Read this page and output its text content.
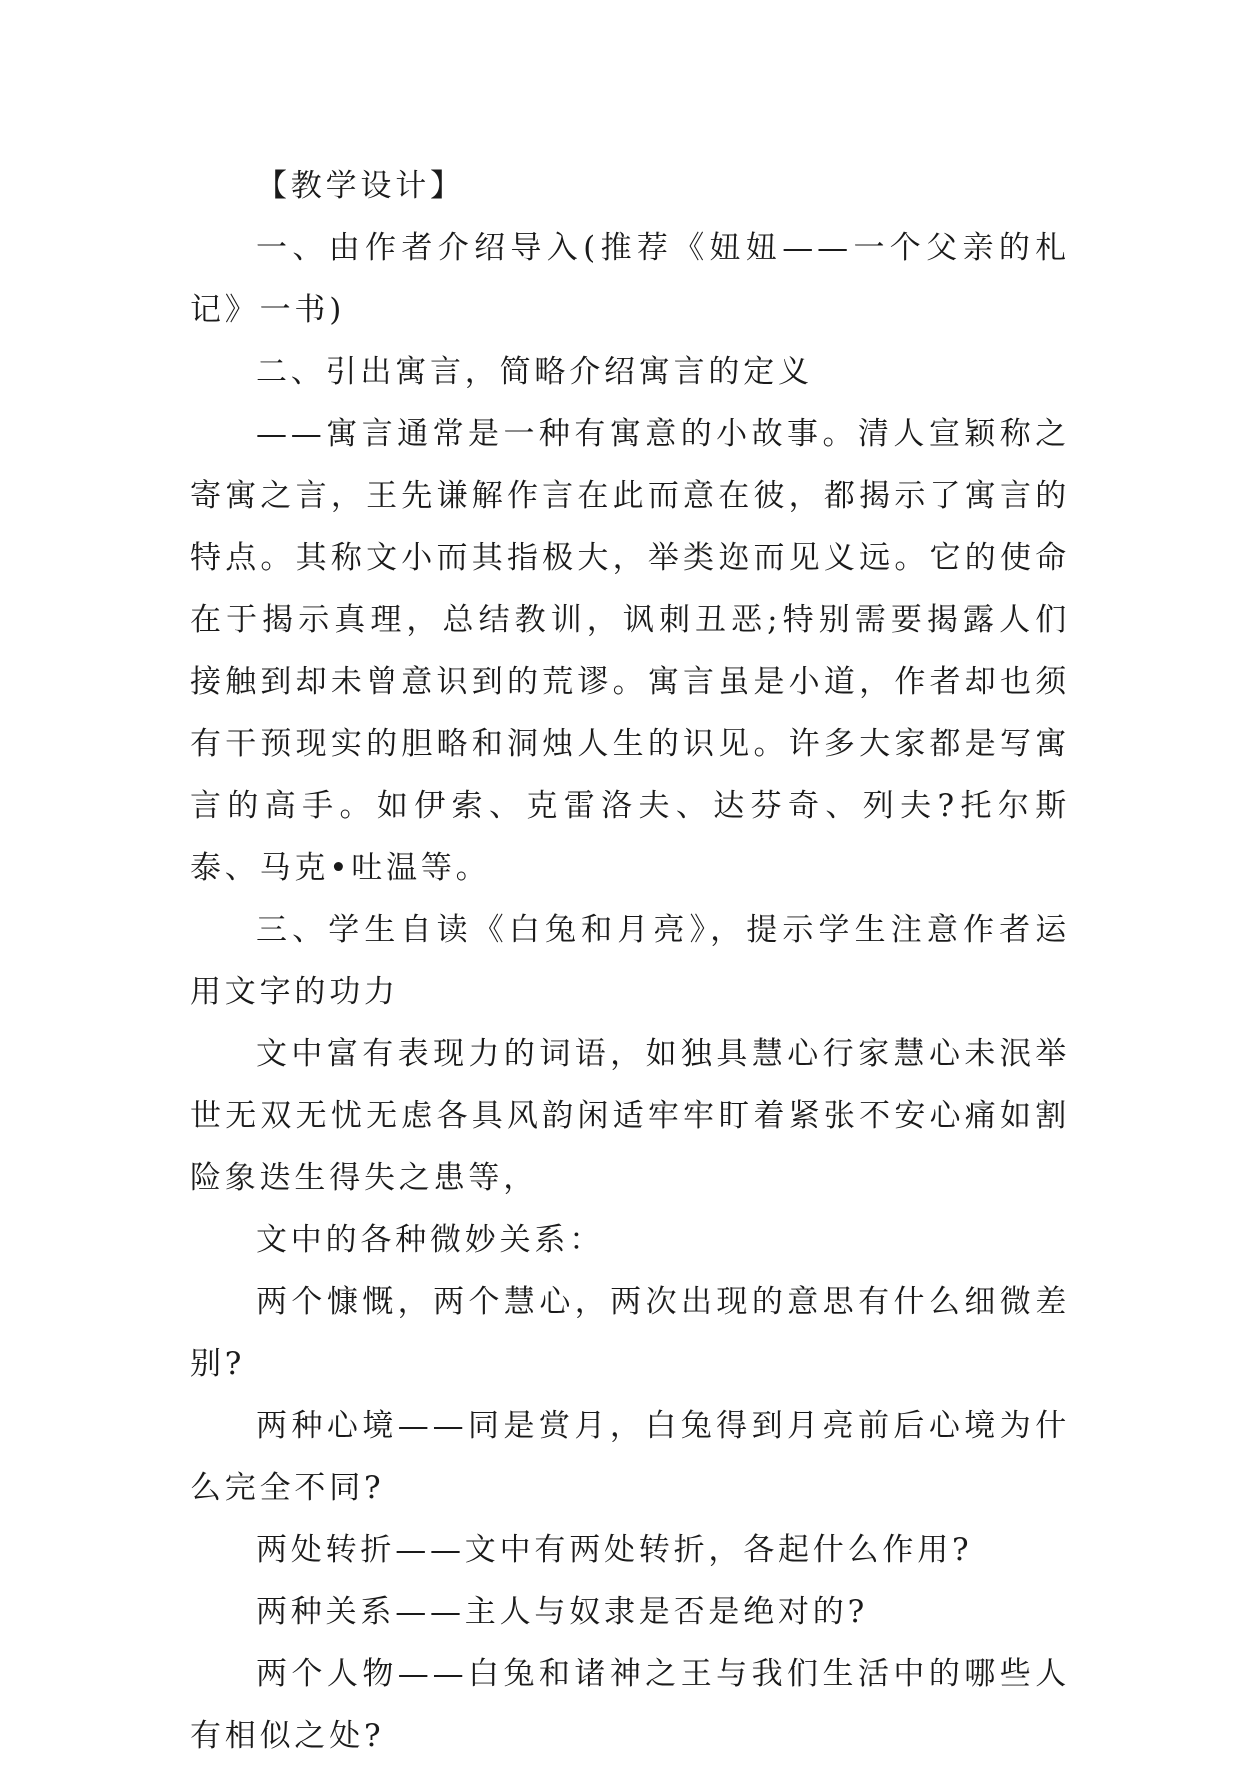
【教学设计】

一、由作者介绍导入(推荐《妞妞——一个父亲的札记》一书)

二、引出寓言，简略介绍寓言的定义

——寓言通常是一种有寓意的小故事。清人宣颖称之寄寓之言，王先谦解作言在此而意在彼，都揭示了寓言的特点。其称文小而其指极大，举类迩而见义远。它的使命在于揭示真理，总结教训，讽刺丑恶;特别需要揭露人们接触到却未曾意识到的荒谬。寓言虽是小道，作者却也须有干预现实的胆略和洞烛人生的识见。许多大家都是写寓言的高手。如伊索、克雷洛夫、达芬奇、列夫?托尔斯泰、马克•吐温等。

三、学生自读《白兔和月亮》，提示学生注意作者运用文字的功力

文中富有表现力的词语，如独具慧心行家慧心未泯举世无双无忧无虑各具风韵闲适牢牢盯着紧张不安心痛如割险象迭生得失之患等，

文中的各种微妙关系：

两个慷慨，两个慧心，两次出现的意思有什么细微差别?

两种心境——同是赏月，白兔得到月亮前后心境为什么完全不同?

两处转折——文中有两处转折，各起什么作用?

两种关系——主人与奴隶是否是绝对的?

两个人物——白兔和诸神之王与我们生活中的哪些人有相似之处?
